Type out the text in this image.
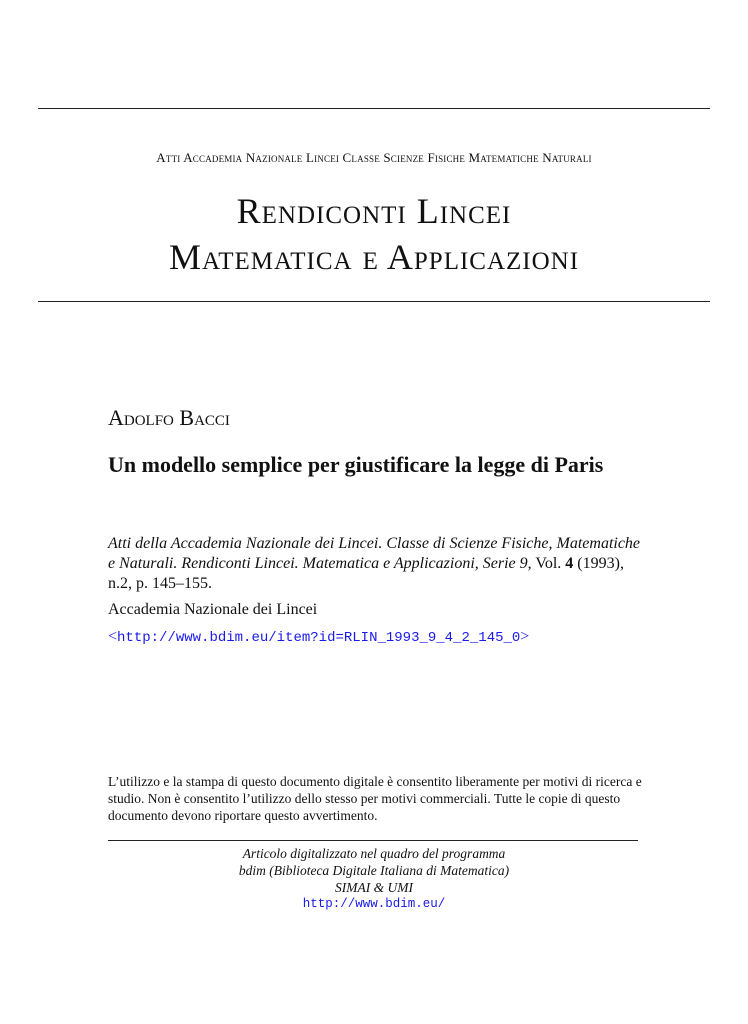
Atti Accademia Nazionale Lincei Classe Scienze Fisiche Matematiche Naturali
Rendiconti Lincei
Matematica e Applicazioni
Adolfo Bacci
Un modello semplice per giustificare la legge di Paris
Atti della Accademia Nazionale dei Lincei. Classe di Scienze Fisiche, Matematiche e Naturali. Rendiconti Lincei. Matematica e Applicazioni, Serie 9, Vol. 4 (1993), n.2, p. 145–155.
Accademia Nazionale dei Lincei
<http://www.bdim.eu/item?id=RLIN_1993_9_4_2_145_0>
L’utilizzo e la stampa di questo documento digitale è consentito liberamente per motivi di ricerca e studio. Non è consentito l’utilizzo dello stesso per motivi commerciali. Tutte le copie di questo documento devono riportare questo avvertimento.
Articolo digitalizzato nel quadro del programma
bdim (Biblioteca Digitale Italiana di Matematica)
SIMAI & UMI
http://www.bdim.eu/
